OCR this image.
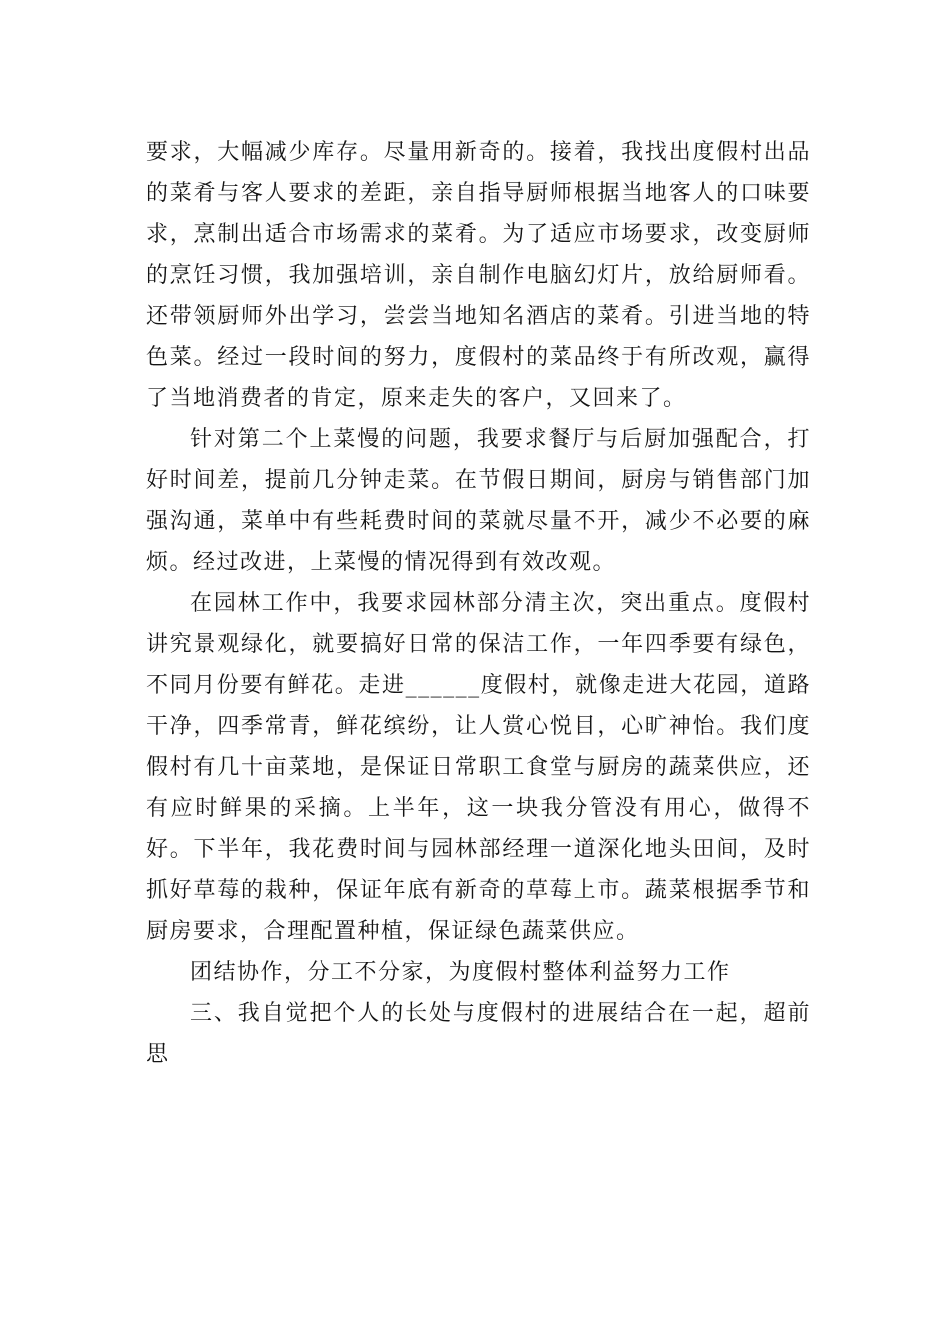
要求，大幅减少库存。尽量用新奇的。接着，我找出度假村出品的菜肴与客人要求的差距，亲自指导厨师根据当地客人的口味要求，烹制出适合市场需求的菜肴。为了适应市场要求，改变厨师的烹饪习惯，我加强培训，亲自制作电脑幻灯片，放给厨师看。还带领厨师外出学习，尝尝当地知名酒店的菜肴。引进当地的特色菜。经过一段时间的努力，度假村的菜品终于有所改观，赢得了当地消费者的肯定，原来走失的客户，又回来了。

针对第二个上菜慢的问题，我要求餐厅与后厨加强配合，打好时间差，提前几分钟走菜。在节假日期间，厨房与销售部门加强沟通，菜单中有些耗费时间的菜就尽量不开，减少不必要的麻烦。经过改进，上菜慢的情况得到有效改观。

在园林工作中，我要求园林部分清主次，突出重点。度假村讲究景观绿化，就要搞好日常的保洁工作，一年四季要有绿色，不同月份要有鲜花。走进______度假村，就像走进大花园，道路干净，四季常青，鲜花缤纷，让人赏心悦目，心旷神怡。我们度假村有几十亩菜地，是保证日常职工食堂与厨房的蔬菜供应，还有应时鲜果的采摘。上半年，这一块我分管没有用心，做得不好。下半年，我花费时间与园林部经理一道深化地头田间，及时抓好草莓的栽种，保证年底有新奇的草莓上市。蔬菜根据季节和厨房要求，合理配置种植，保证绿色蔬菜供应。

团结协作，分工不分家，为度假村整体利益努力工作

三、我自觉把个人的长处与度假村的进展结合在一起，超前思
